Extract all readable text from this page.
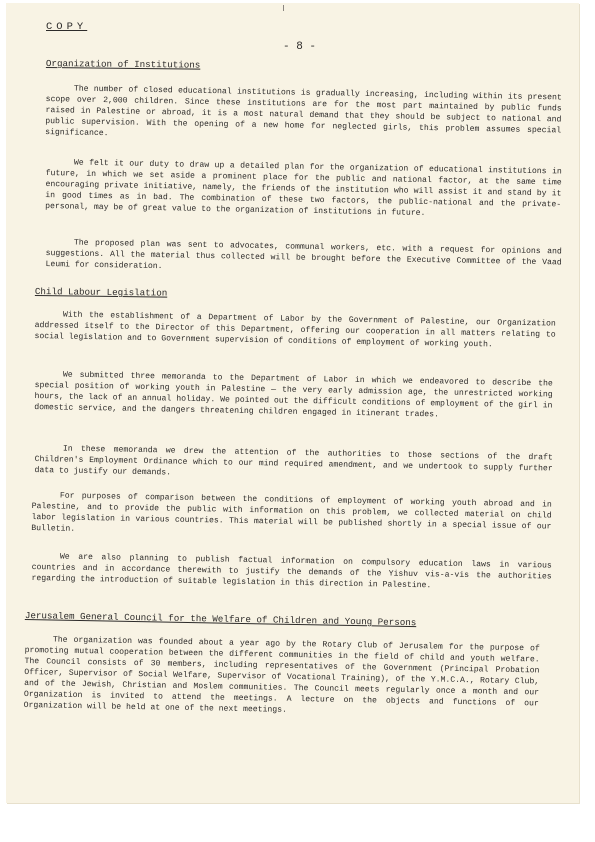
COPY
- 8 -
Organization of Institutions
The number of closed educational institutions is gradually increasing, including within its present scope over 2,000 children. Since these institutions are for the most part maintained by public funds raised in Palestine or abroad, it is a most natural demand that they should be subject to national and public supervision. With the opening of a new home for neglected girls, this problem assumes special significance.
We felt it our duty to draw up a detailed plan for the organization of educational institutions in future, in which we set aside a prominent place for the public and national factor, at the same time encouraging private initiative, namely, the friends of the institution who will assist it and stand by it in good times as in bad. The combination of these two factors, the public-national and the private-personal, may be of great value to the organization of institutions in future.
The proposed plan was sent to advocates, communal workers, etc. with a request for opinions and suggestions. All the material thus collected will be brought before the Executive Committee of the Vaad Leumi for consideration.
Child Labour Legislation
With the establishment of a Department of Labor by the Government of Palestine, our Organization addressed itself to the Director of this Department, offering our cooperation in all matters relating to social legislation and to Government supervision of conditions of employment of working youth.
We submitted three memoranda to the Department of Labor in which we endeavored to describe the special position of working youth in Palestine — the very early admission age, the unrestricted working hours, the lack of an annual holiday. We pointed out the difficult conditions of employment of the girl in domestic service, and the dangers threatening children engaged in itinerant trades.
In these memoranda we drew the attention of the authorities to those sections of the draft Children's Employment Ordinance which to our mind required amendment, and we undertook to supply further data to justify our demands.
For purposes of comparison between the conditions of employment of working youth abroad and in Palestine, and to provide the public with information on this problem, we collected material on child labor legislation in various countries. This material will be published shortly in a special issue of our Bulletin.
We are also planning to publish factual information on compulsory education laws in various countries and in accordance therewith to justify the demands of the Yishuv vis-a-vis the authorities regarding the introduction of suitable legislation in this direction in Palestine.
Jerusalem General Council for the Welfare of Children and Young Persons
The organization was founded about a year ago by the Rotary Club of Jerusalem for the purpose of promoting mutual cooperation between the different communities in the field of child and youth welfare. The Council consists of 30 members, including representatives of the Government (Principal Probation Officer, Supervisor of Social Welfare, Supervisor of Vocational Training), of the Y.M.C.A., Rotary Club, and of the Jewish, Christian and Moslem communities. The Council meets regularly once a month and our Organization is invited to attend the meetings. A lecture on the objects and functions of our Organization will be held at one of the next meetings.
